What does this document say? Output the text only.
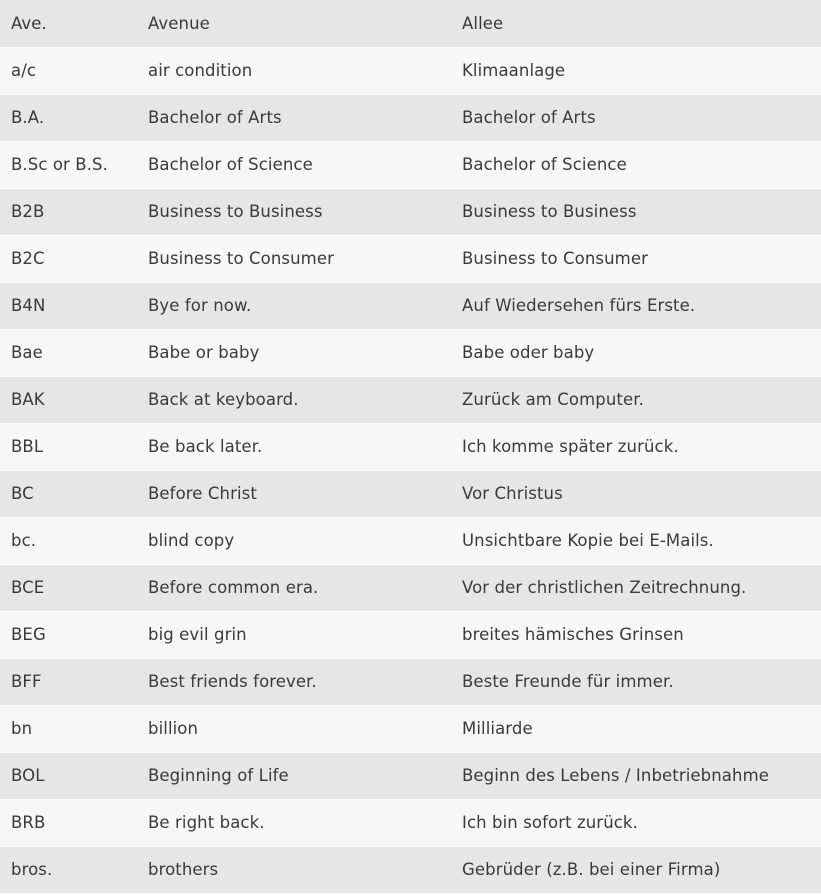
Ave.	Avenue	Allee
a/c	air condition	Klimaanlage
B.A.	Bachelor of Arts	Bachelor of Arts
B.Sc or B.S.	Bachelor of Science	Bachelor of Science
B2B	Business to Business	Business to Business
B2C	Business to Consumer	Business to Consumer
B4N	Bye for now.	Auf Wiedersehen fürs Erste.
Bae	Babe or baby	Babe oder baby
BAK	Back at keyboard.	Zurück am Computer.
BBL	Be back later.	Ich komme später zurück.
BC	Before Christ	Vor Christus
bc.	blind copy	Unsichtbare Kopie bei E-Mails.
BCE	Before common era.	Vor der christlichen Zeitrechnung.
BEG	big evil grin	breites hämisches Grinsen
BFF	Best friends forever.	Beste Freunde für immer.
bn	billion	Milliarde
BOL	Beginning of Life	Beginn des Lebens / Inbetriebnahme
BRB	Be right back.	Ich bin sofort zurück.
bros.	brothers	Gebrüder (z.B. bei einer Firma)
